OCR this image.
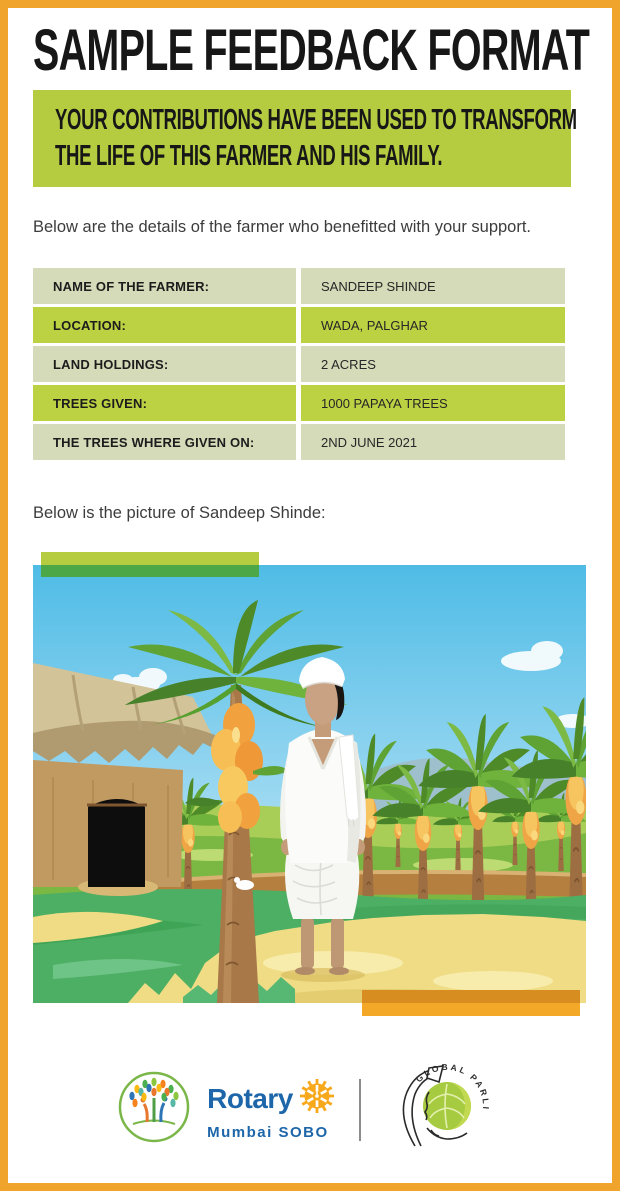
SAMPLE FEEDBACK FORMAT
YOUR CONTRIBUTIONS HAVE BEEN USED TO TRANSFORM
THE LIFE OF THIS FARMER AND HIS FAMILY.
Below are the details of the farmer who benefitted with your support.
NAME OF THE FARMER:	SANDEEP SHINDE
LOCATION:	WADA, PALGHAR
LAND HOLDINGS:	2 ACRES
TREES GIVEN:	1000 PAPAYA TREES
THE TREES WHERE GIVEN ON:	2ND JUNE 2021
Below is the picture of Sandeep Shinde:
Rotary
Mumbai SOBO
GLOBAL PARLI
